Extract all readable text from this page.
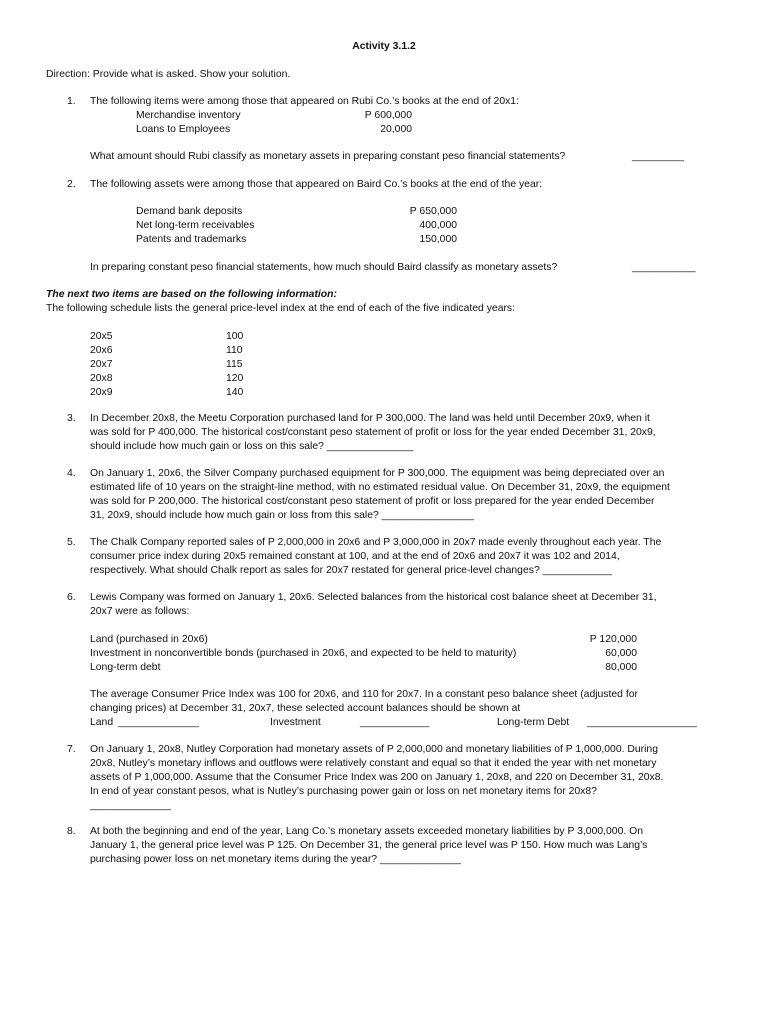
Activity 3.1.2
Direction: Provide what is asked. Show your solution.
1. The following items were among those that appeared on Rubi Co.’s books at the end of 20x1:
Merchandise inventory	P 600,000
Loans to Employees	20,000
What amount should Rubi classify as monetary assets in preparing constant peso financial statements?	_________
2. The following assets were among those that appeared on Baird Co.’s books at the end of the year:
Demand bank deposits	P 650,000
Net long-term receivables	400,000
Patents and trademarks	150,000
In preparing constant peso financial statements, how much should Baird classify as monetary assets?	___________
The next two items are based on the following information:
The following schedule lists the general price-level index at the end of each of the five indicated years:
20x5	100
20x6	110
20x7	115
20x8	120
20x9	140
3. In December 20x8, the Meetu Corporation purchased land for P 300,000. The land was held until December 20x9, when it
was sold for P 400,000. The historical cost/constant peso statement of profit or loss for the year ended December 31, 20x9,
should include how much gain or loss on this sale? _______________
4. On January 1, 20x6, the Silver Company purchased equipment for P 300,000. The equipment was being depreciated over an
estimated life of 10 years on the straight-line method, with no estimated residual value. On December 31, 20x9, the equipment
was sold for P 200,000. The historical cost/constant peso statement of profit or loss prepared for the year ended December
31, 20x9, should include how much gain or loss from this sale? ________________
5. The Chalk Company reported sales of P 2,000,000 in 20x6 and P 3,000,000 in 20x7 made evenly throughout each year. The
consumer price index during 20x5 remained constant at 100, and at the end of 20x6 and 20x7 it was 102 and 2014,
respectively. What should Chalk report as sales for 20x7 restated for general price-level changes? ____________
6. Lewis Company was formed on January 1, 20x6. Selected balances from the historical cost balance sheet at December 31,
20x7 were as follows:
Land (purchased in 20x6)	P 120,000
Investment in nonconvertible bonds (purchased in 20x6, and expected to be held to maturity)	60,000
Long-term debt	80,000
The average Consumer Price Index was 100 for 20x6, and 110 for 20x7. In a constant peso balance sheet (adjusted for
changing prices) at December 31, 20x7, these selected account balances should be shown at
Land ______________	Investment	____________	Long-term Debt ___________________
7. On January 1, 20x8, Nutley Corporation had monetary assets of P 2,000,000 and monetary liabilities of P 1,000,000. During
20x8, Nutley’s monetary inflows and outflows were relatively constant and equal so that it ended the year with net monetary
assets of P 1,000,000. Assume that the Consumer Price Index was 200 on January 1, 20x8, and 220 on December 31, 20x8.
In end of year constant pesos, what is Nutley’s purchasing power gain or loss on net monetary items for 20x8?
______________
8. At both the beginning and end of the year, Lang Co.’s monetary assets exceeded monetary liabilities by P 3,000,000. On
January 1, the general price level was P 125. On December 31, the general price level was P 150. How much was Lang’s
purchasing power loss on net monetary items during the year? ______________
